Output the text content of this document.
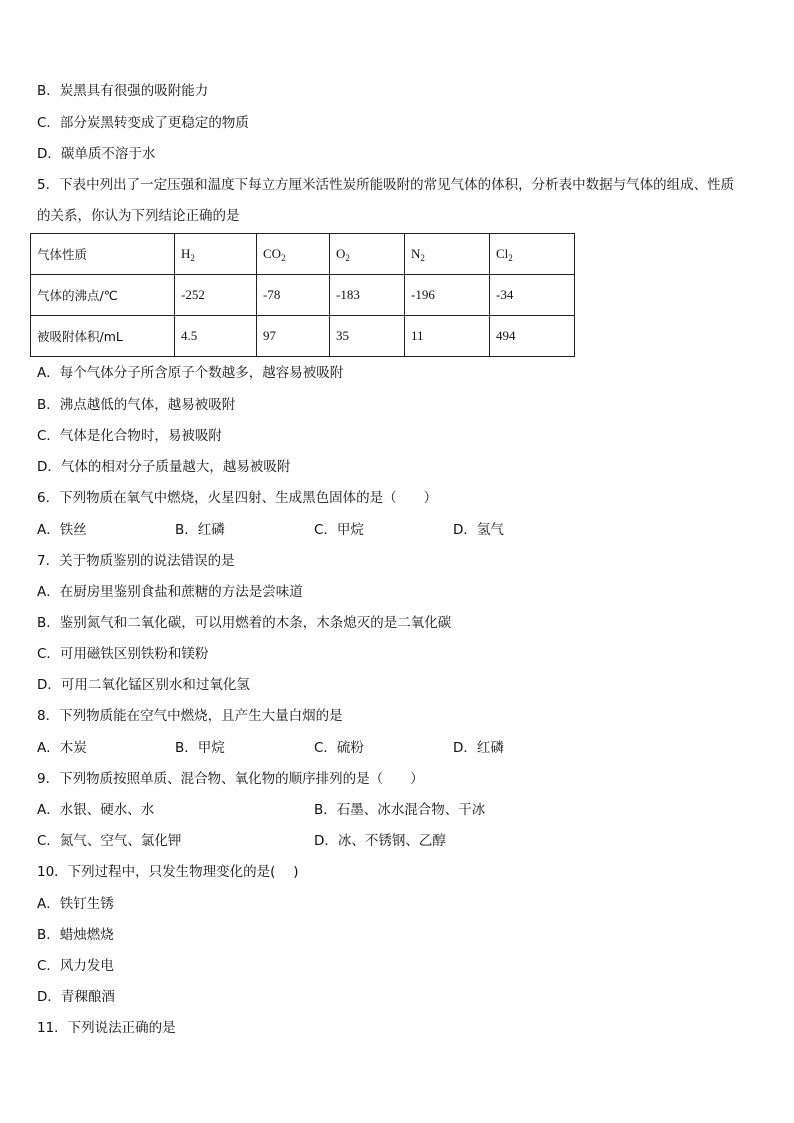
B．炭黑具有很强的吸附能力
C．部分炭黑转变成了更稳定的物质
D．碳单质不溶于水
5．下表中列出了一定压强和温度下每立方厘米活性炭所能吸附的常见气体的体积，分析表中数据与气体的组成、性质
的关系，你认为下列结论正确的是
气体性质	$H_2$	$CO_2$	$O_2$	$N_2$	$Cl_2$
气体的沸点/℃	-252	-78	-183	-196	-34
被吸附体积/mL	4.5	97	35	11	494
A．每个气体分子所含原子个数越多，越容易被吸附
B．沸点越低的气体，越易被吸附
C．气体是化合物时，易被吸附
D．气体的相对分子质量越大，越易被吸附
6．下列物质在氧气中燃烧，火星四射、生成黑色固体的是（　　）
A．铁丝	B．红磷	C．甲烷	D．氢气
7．关于物质鉴别的说法错误的是
A．在厨房里鉴别食盐和蔗糖的方法是尝味道
B．鉴别氮气和二氧化碳，可以用燃着的木条，木条熄灭的是二氧化碳
C．可用磁铁区别铁粉和镁粉
D．可用二氧化锰区别水和过氧化氢
8．下列物质能在空气中燃烧，且产生大量白烟的是
A．木炭	B．甲烷	C．硫粉	D．红磷
9．下列物质按照单质、混合物、氧化物的顺序排列的是（　　）
A．水银、硬水、水	B．石墨、冰水混合物、干冰
C．氮气、空气、氯化钾	D．冰、不锈钢、乙醇
10．下列过程中，只发生物理变化的是(　 )
A．铁钉生锈
B．蜡烛燃烧
C．风力发电
D．青稞酿酒
11．下列说法正确的是
